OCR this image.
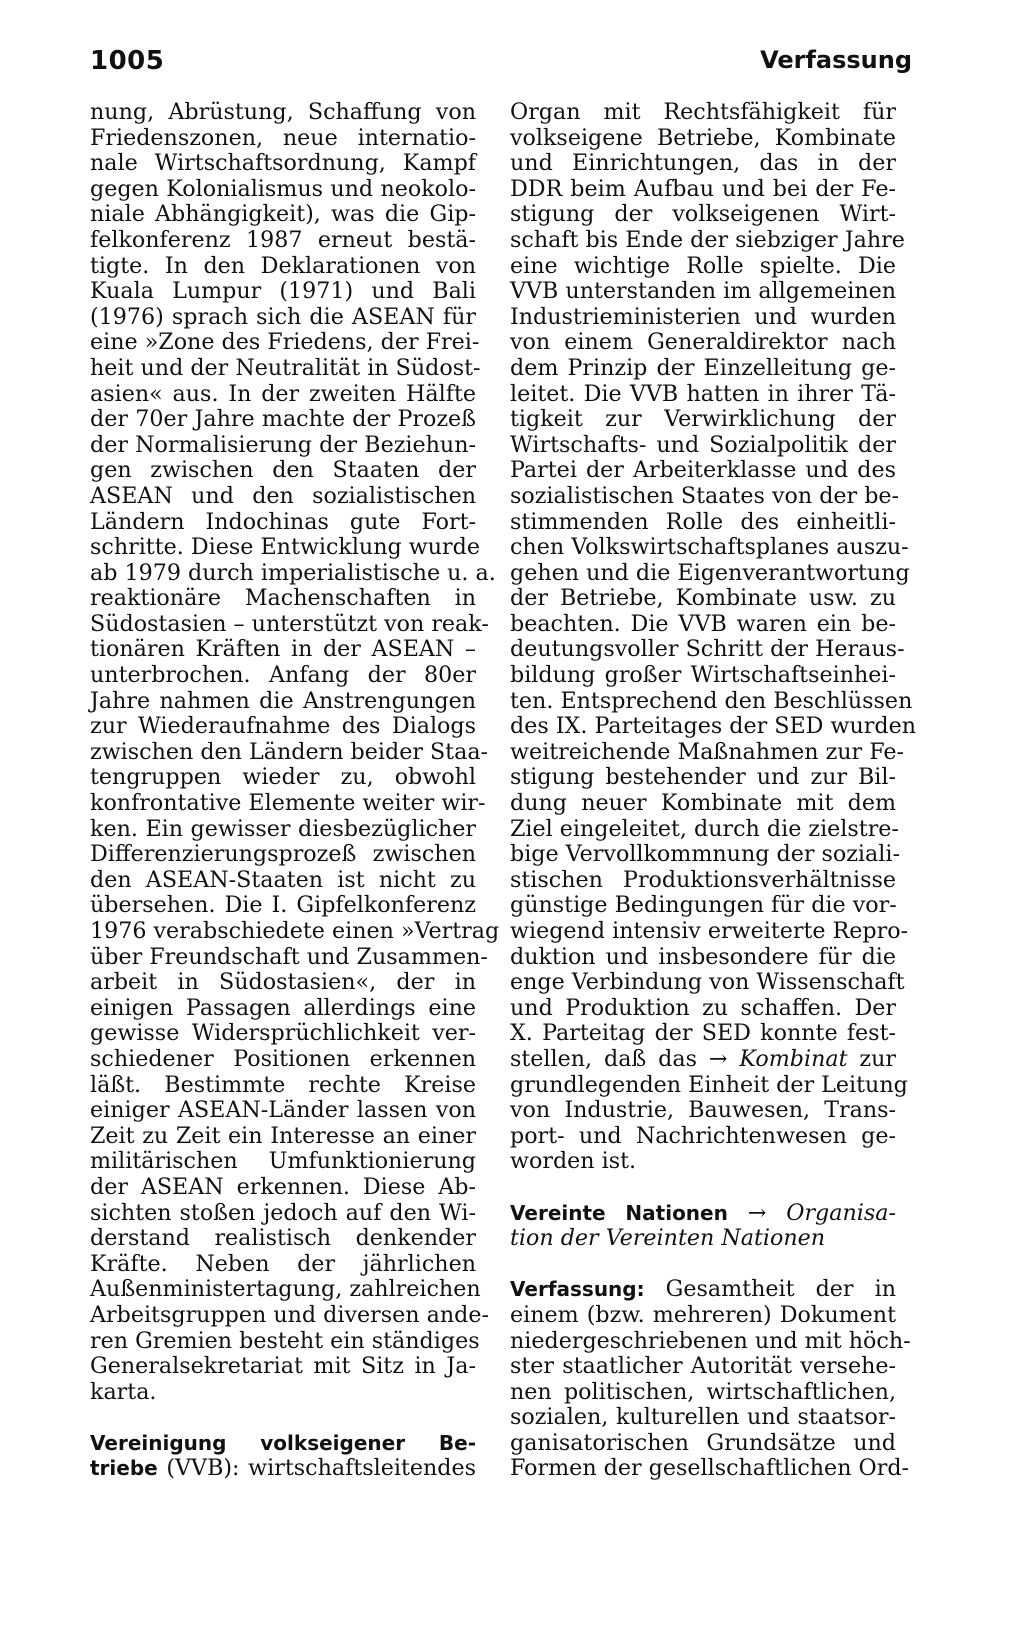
1005	Verfassung
nung, Abrüstung, Schaffung von
Friedenszonen, neue internatio-
nale Wirtschaftsordnung, Kampf
gegen Kolonialismus und neokolo-
niale Abhängigkeit), was die Gip-
felkonferenz 1987 erneut bestä-
tigte. In den Deklarationen von
Kuala Lumpur (1971) und Bali
(1976) sprach sich die ASEAN für
eine »Zone des Friedens, der Frei-
heit und der Neutralität in Südost-
asien« aus. In der zweiten Hälfte
der 70er Jahre machte der Prozeß
der Normalisierung der Beziehun-
gen zwischen den Staaten der
ASEAN und den sozialistischen
Ländern Indochinas gute Fort-
schritte. Diese Entwicklung wurde
ab 1979 durch imperialistische u. a.
reaktionäre Machenschaften in
Südostasien – unterstützt von reak-
tionären Kräften in der ASEAN –
unterbrochen. Anfang der 80er
Jahre nahmen die Anstrengungen
zur Wiederaufnahme des Dialogs
zwischen den Ländern beider Staa-
tengruppen wieder zu, obwohl
konfrontative Elemente weiter wir-
ken. Ein gewisser diesbezüglicher
Differenzierungsprozeß zwischen
den ASEAN-Staaten ist nicht zu
übersehen. Die I. Gipfelkonferenz
1976 verabschiedete einen »Vertrag
über Freundschaft und Zusammen-
arbeit in Südostasien«, der in
einigen Passagen allerdings eine
gewisse Widersprüchlichkeit ver-
schiedener Positionen erkennen
läßt. Bestimmte rechte Kreise
einiger ASEAN-Länder lassen von
Zeit zu Zeit ein Interesse an einer
militärischen Umfunktionierung
der ASEAN erkennen. Diese Ab-
sichten stoßen jedoch auf den Wi-
derstand realistisch denkender
Kräfte. Neben der jährlichen
Außenministertagung, zahlreichen
Arbeitsgruppen und diversen ande-
ren Gremien besteht ein ständiges
Generalsekretariat mit Sitz in Ja-
karta.
Vereinigung volkseigener Be-
triebe (VVB): wirtschaftsleitendes
Organ mit Rechtsfähigkeit für
volkseigene Betriebe, Kombinate
und Einrichtungen, das in der
DDR beim Aufbau und bei der Fe-
stigung der volkseigenen Wirt-
schaft bis Ende der siebziger Jahre
eine wichtige Rolle spielte. Die
VVB unterstanden im allgemeinen
Industrieministerien und wurden
von einem Generaldirektor nach
dem Prinzip der Einzelleitung ge-
leitet. Die VVB hatten in ihrer Tä-
tigkeit zur Verwirklichung der
Wirtschafts- und Sozialpolitik der
Partei der Arbeiterklasse und des
sozialistischen Staates von der be-
stimmenden Rolle des einheitli-
chen Volkswirtschaftsplanes auszu-
gehen und die Eigenverantwortung
der Betriebe, Kombinate usw. zu
beachten. Die VVB waren ein be-
deutungsvoller Schritt der Heraus-
bildung großer Wirtschaftseinhei-
ten. Entsprechend den Beschlüssen
des IX. Parteitages der SED wurden
weitreichende Maßnahmen zur Fe-
stigung bestehender und zur Bil-
dung neuer Kombinate mit dem
Ziel eingeleitet, durch die zielstre-
bige Vervollkommnung der soziali-
stischen Produktionsverhältnisse
günstige Bedingungen für die vor-
wiegend intensiv erweiterte Repro-
duktion und insbesondere für die
enge Verbindung von Wissenschaft
und Produktion zu schaffen. Der
X. Parteitag der SED konnte fest-
stellen, daß das → Kombinat zur
grundlegenden Einheit der Leitung
von Industrie, Bauwesen, Trans-
port- und Nachrichtenwesen ge-
worden ist.
Vereinte Nationen → Organisa-
tion der Vereinten Nationen
Verfassung: Gesamtheit der in
einem (bzw. mehreren) Dokument
niedergeschriebenen und mit höch-
ster staatlicher Autorität versehe-
nen politischen, wirtschaftlichen,
sozialen, kulturellen und staatsor-
ganisatorischen Grundsätze und
Formen der gesellschaftlichen Ord-
